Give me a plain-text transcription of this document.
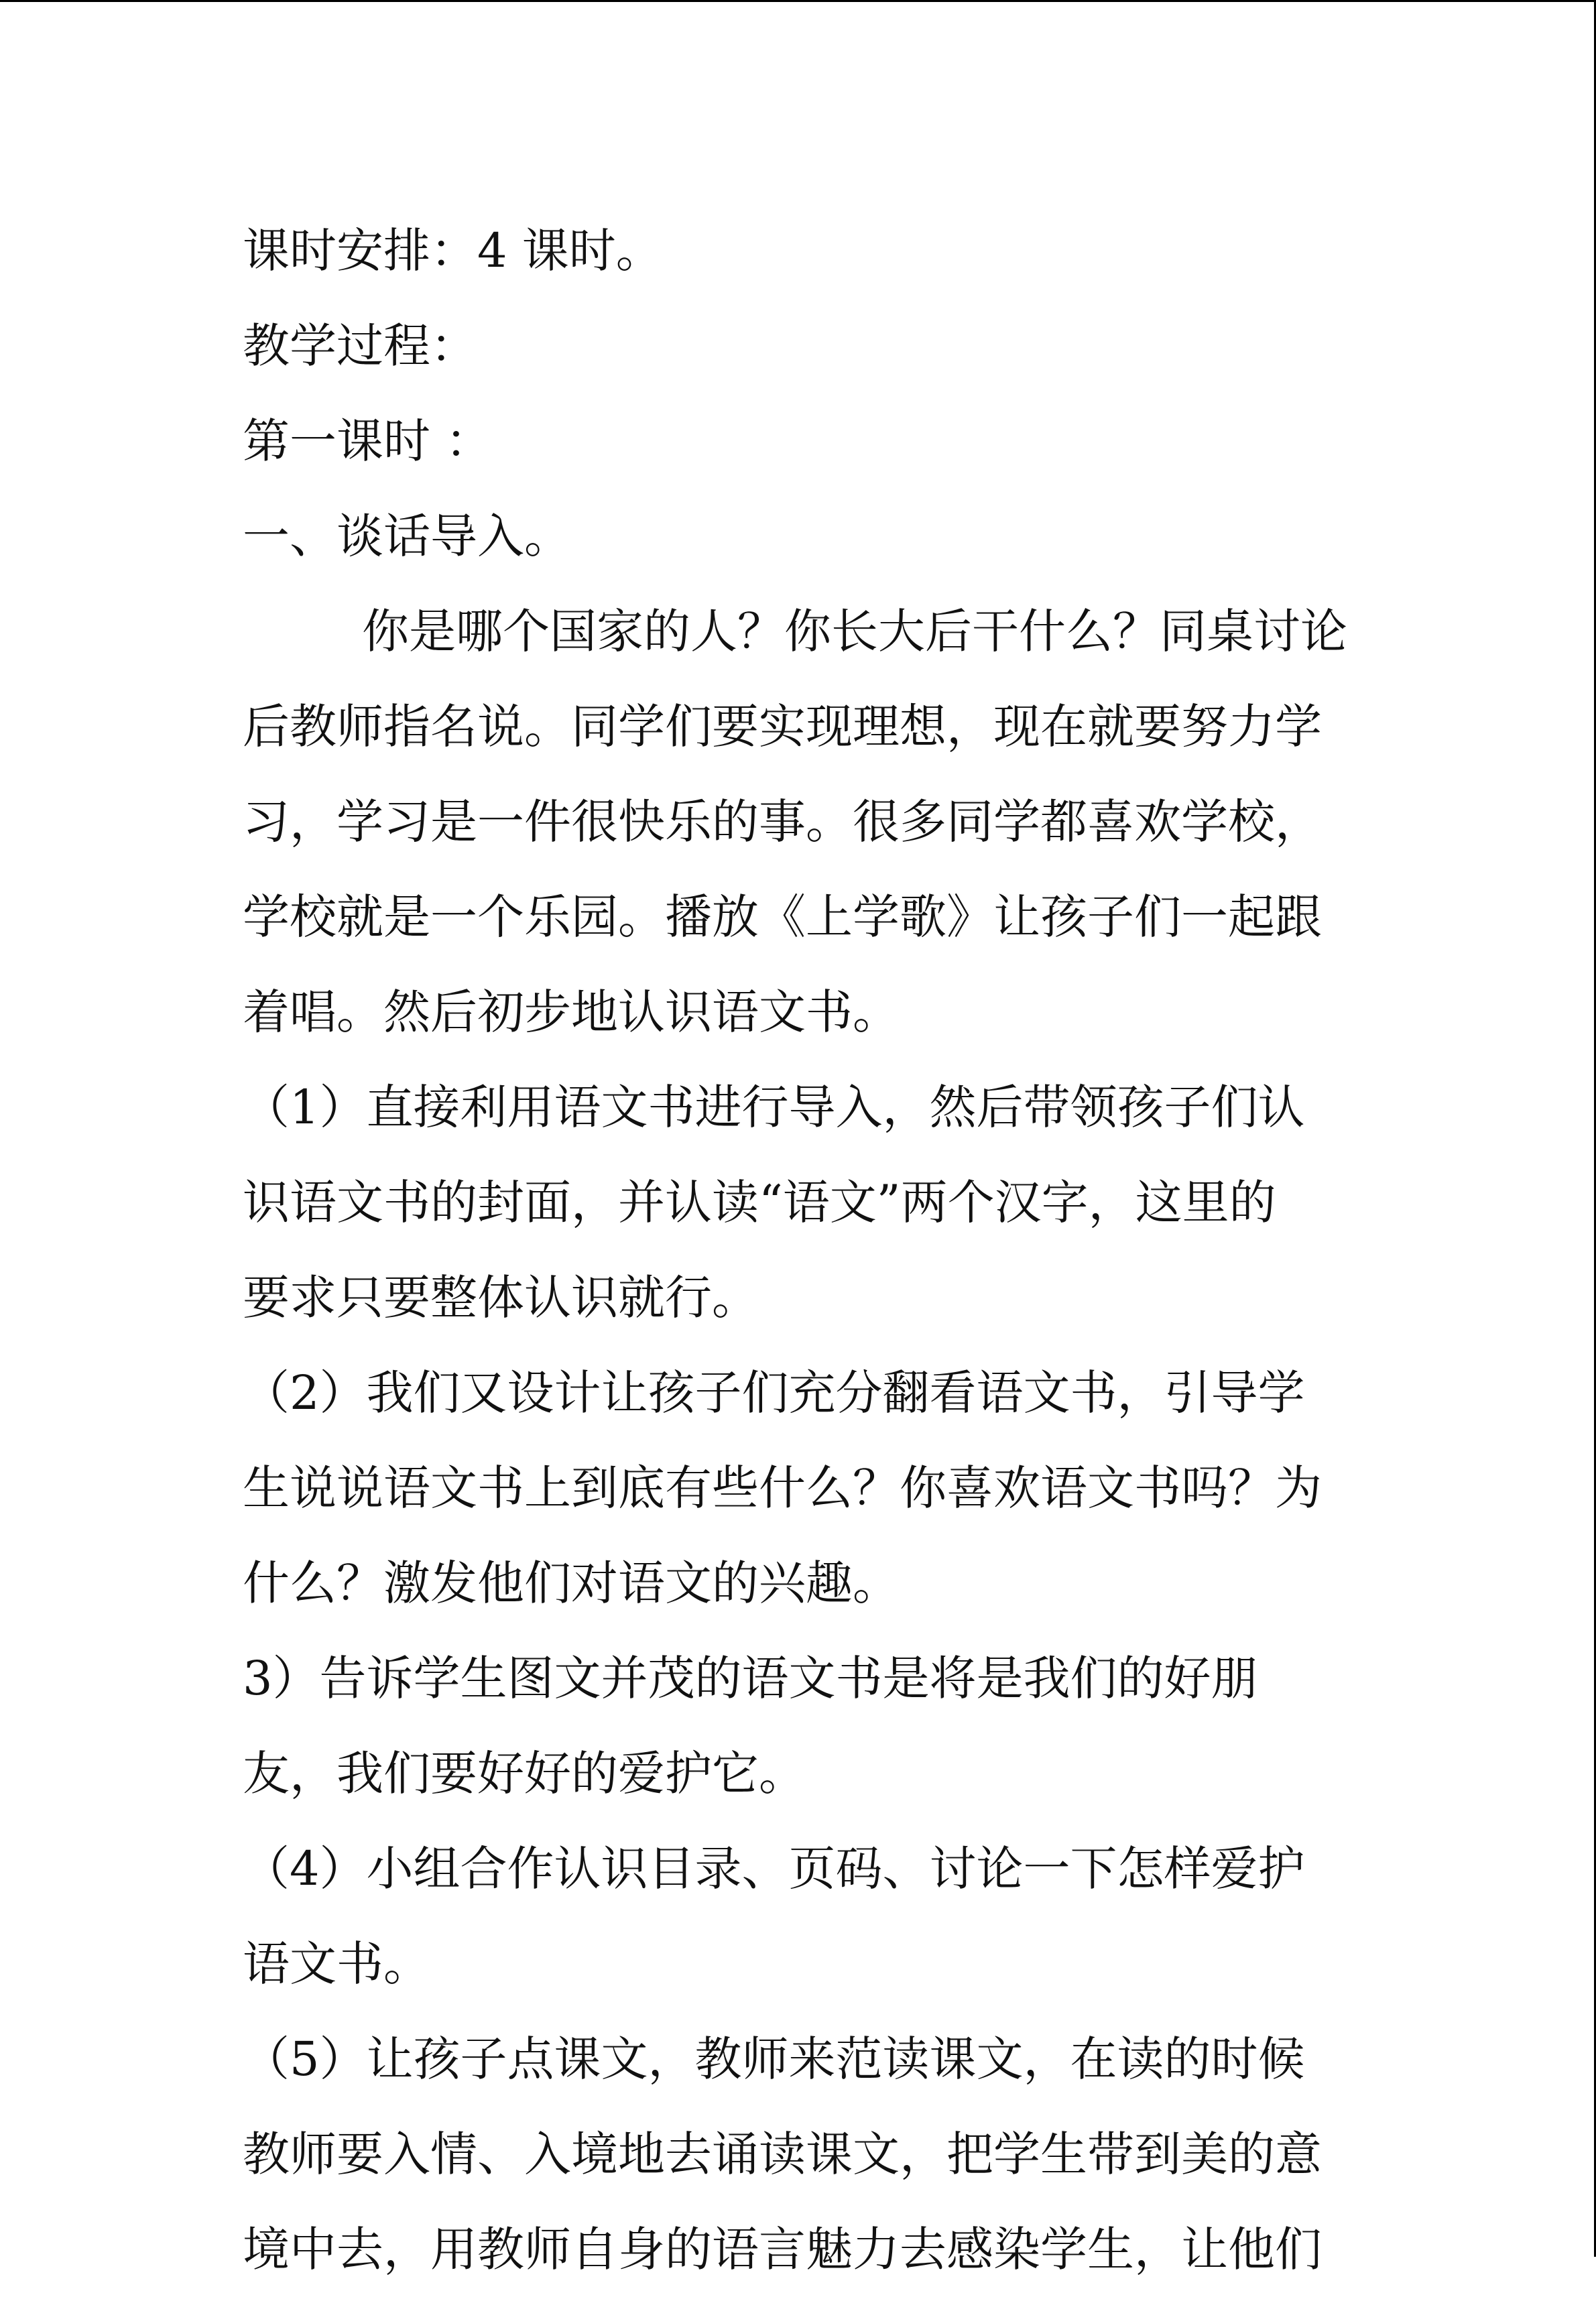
课时安排：4 课时。
教学过程：
第一课时 ：
一、谈话导入。
你是哪个国家的人？你长大后干什么？同桌讨论
后教师指名说。同学们要实现理想，现在就要努力学
习，学习是一件很快乐的事。很多同学都喜欢学校，
学校就是一个乐园。播放《上学歌》让孩子们一起跟
着唱。然后初步地认识语文书。
（1）直接利用语文书进行导入，然后带领孩子们认
识语文书的封面，并认读“语文”两个汉字，这里的
要求只要整体认识就行。
（2）我们又设计让孩子们充分翻看语文书，引导学
生说说语文书上到底有些什么？你喜欢语文书吗？为
什么？激发他们对语文的兴趣。
3）告诉学生图文并茂的语文书是将是我们的好朋
友，我们要好好的爱护它。
（4）小组合作认识目录、页码、讨论一下怎样爱护
语文书。
（5）让孩子点课文，教师来范读课文，在读的时候
教师要入情、入境地去诵读课文，把学生带到美的意
境中去，用教师自身的语言魅力去感染学生，让他们
